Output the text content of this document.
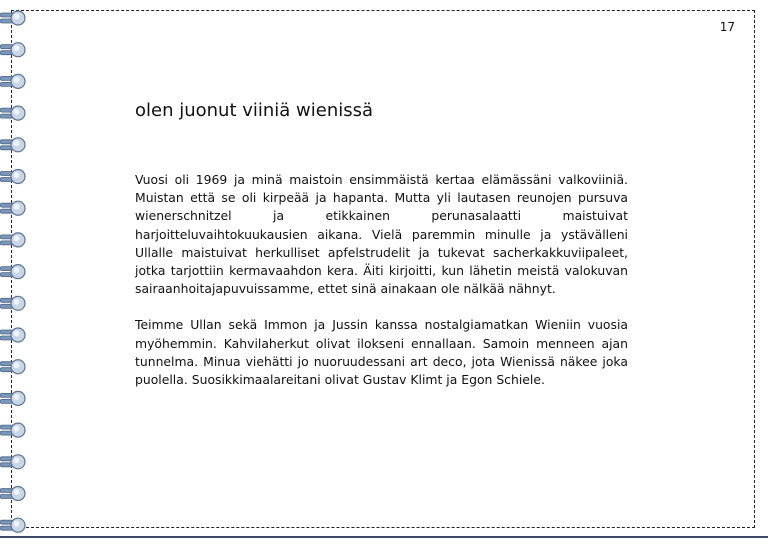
17
olen juonut viiniä wienissä

Vuosi oli 1969 ja minä maistoin ensimmäistä kertaa elämässäni valkoviiniä. Muistan että se oli kirpeää ja hapanta. Mutta yli lautasen reunojen pursuva wienerschnitzel ja etikkainen perunasalaatti maistuivat harjoitteluvaihtokuukausien aikana. Vielä paremmin minulle ja ystävälleni Ullalle maistuivat herkulliset apfelstrudelit ja tukevat sacherkakkuviipaleet, jotka tarjottiin kermavaahdon kera. Äiti kirjoitti, kun lähetin meistä valokuvan sairaanhoitajapuvuissamme, ettet sinä ainakaan ole nälkää nähnyt.

Teimme Ullan sekä Immon ja Jussin kanssa nostalgiamatkan Wieniin vuosia myöhemmin. Kahvilaherkut olivat ilokseni ennallaan. Samoin menneen ajan tunnelma. Minua viehätti jo nuoruudessani art deco, jota Wienissä näkee joka puolella. Suosikkimaalareitani olivat Gustav Klimt ja Egon Schiele.
